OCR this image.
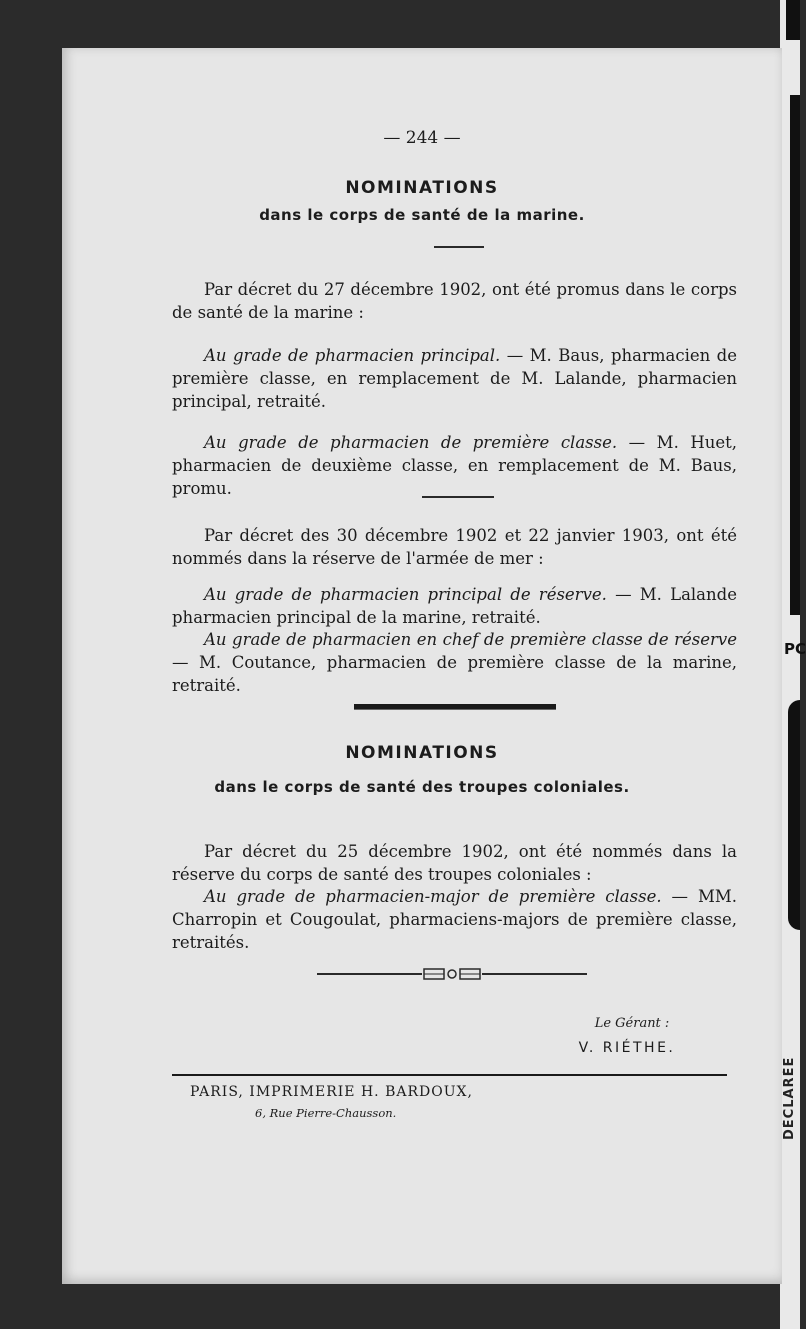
PC
DÉCLARÉE
— 244 —
NOMINATIONS
dans le corps de santé de la marine.
Par décret du 27 décembre 1902, ont été promus dans le corps de santé de la marine :
Au grade de pharmacien principal. — M. Baus, pharmacien de première classe, en remplacement de M. Lalande, pharmacien principal, retraité.
Au grade de pharmacien de première classe. — M. Huet, pharmacien de deuxième classe, en remplacement de M. Baus, promu.
Par décret des 30 décembre 1902 et 22 janvier 1903, ont été nommés dans la réserve de l'armée de mer :
Au grade de pharmacien principal de réserve. — M. Lalande pharmacien principal de la marine, retraité.
Au grade de pharmacien en chef de première classe de réserve — M. Coutance, pharmacien de première classe de la marine, retraité.
NOMINATIONS
dans le corps de santé des troupes coloniales.
Par décret du 25 décembre 1902, ont été nommés dans la réserve du corps de santé des troupes coloniales :
Au grade de pharmacien-major de première classe. — MM. Charropin et Cougoulat, pharmaciens-majors de première classe, retraités.
Le Gérant :
V. RIÉTHE.
PARIS, IMPRIMERIE H. BARDOUX,
6, Rue Pierre-Chausson.
